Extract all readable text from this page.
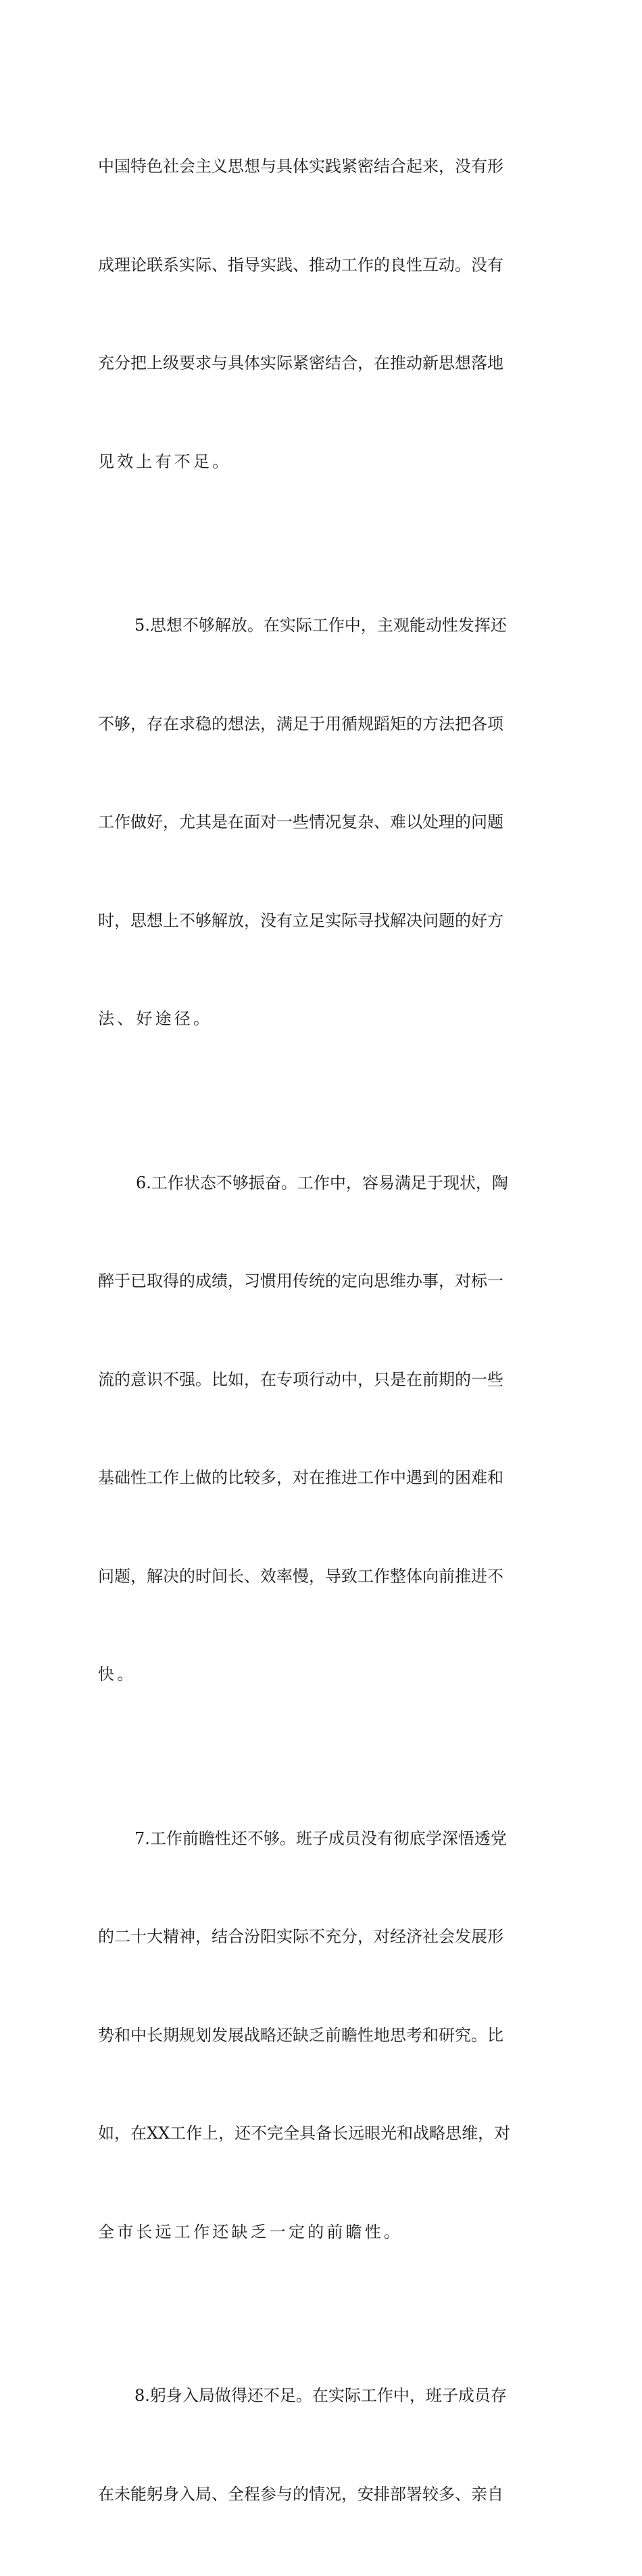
中国特色社会主义思想与具体实践紧密结合起来，没有形

成理论联系实际、指导实践、推动工作的良性互动。没有

充分把上级要求与具体实际紧密结合，在推动新思想落地

见效上有不足。

5.思想不够解放。在实际工作中，主观能动性发挥还

不够，存在求稳的想法，满足于用循规蹈矩的方法把各项

工作做好，尤其是在面对一些情况复杂、难以处理的问题

时，思想上不够解放，没有立足实际寻找解决问题的好方

法、好途径。

6.工作状态不够振奋。工作中，容易满足于现状，陶

醉于已取得的成绩，习惯用传统的定向思维办事，对标一

流的意识不强。比如，在专项行动中，只是在前期的一些

基础性工作上做的比较多，对在推进工作中遇到的困难和

问题，解决的时间长、效率慢，导致工作整体向前推进不

快。

7.工作前瞻性还不够。班子成员没有彻底学深悟透党

的二十大精神，结合汾阳实际不充分，对经济社会发展形

势和中长期规划发展战略还缺乏前瞻性地思考和研究。比

如，在XX工作上，还不完全具备长远眼光和战略思维，对

全市长远工作还缺乏一定的前瞻性。

8.躬身入局做得还不足。在实际工作中，班子成员存

在未能躬身入局、全程参与的情况，安排部署较多、亲自
